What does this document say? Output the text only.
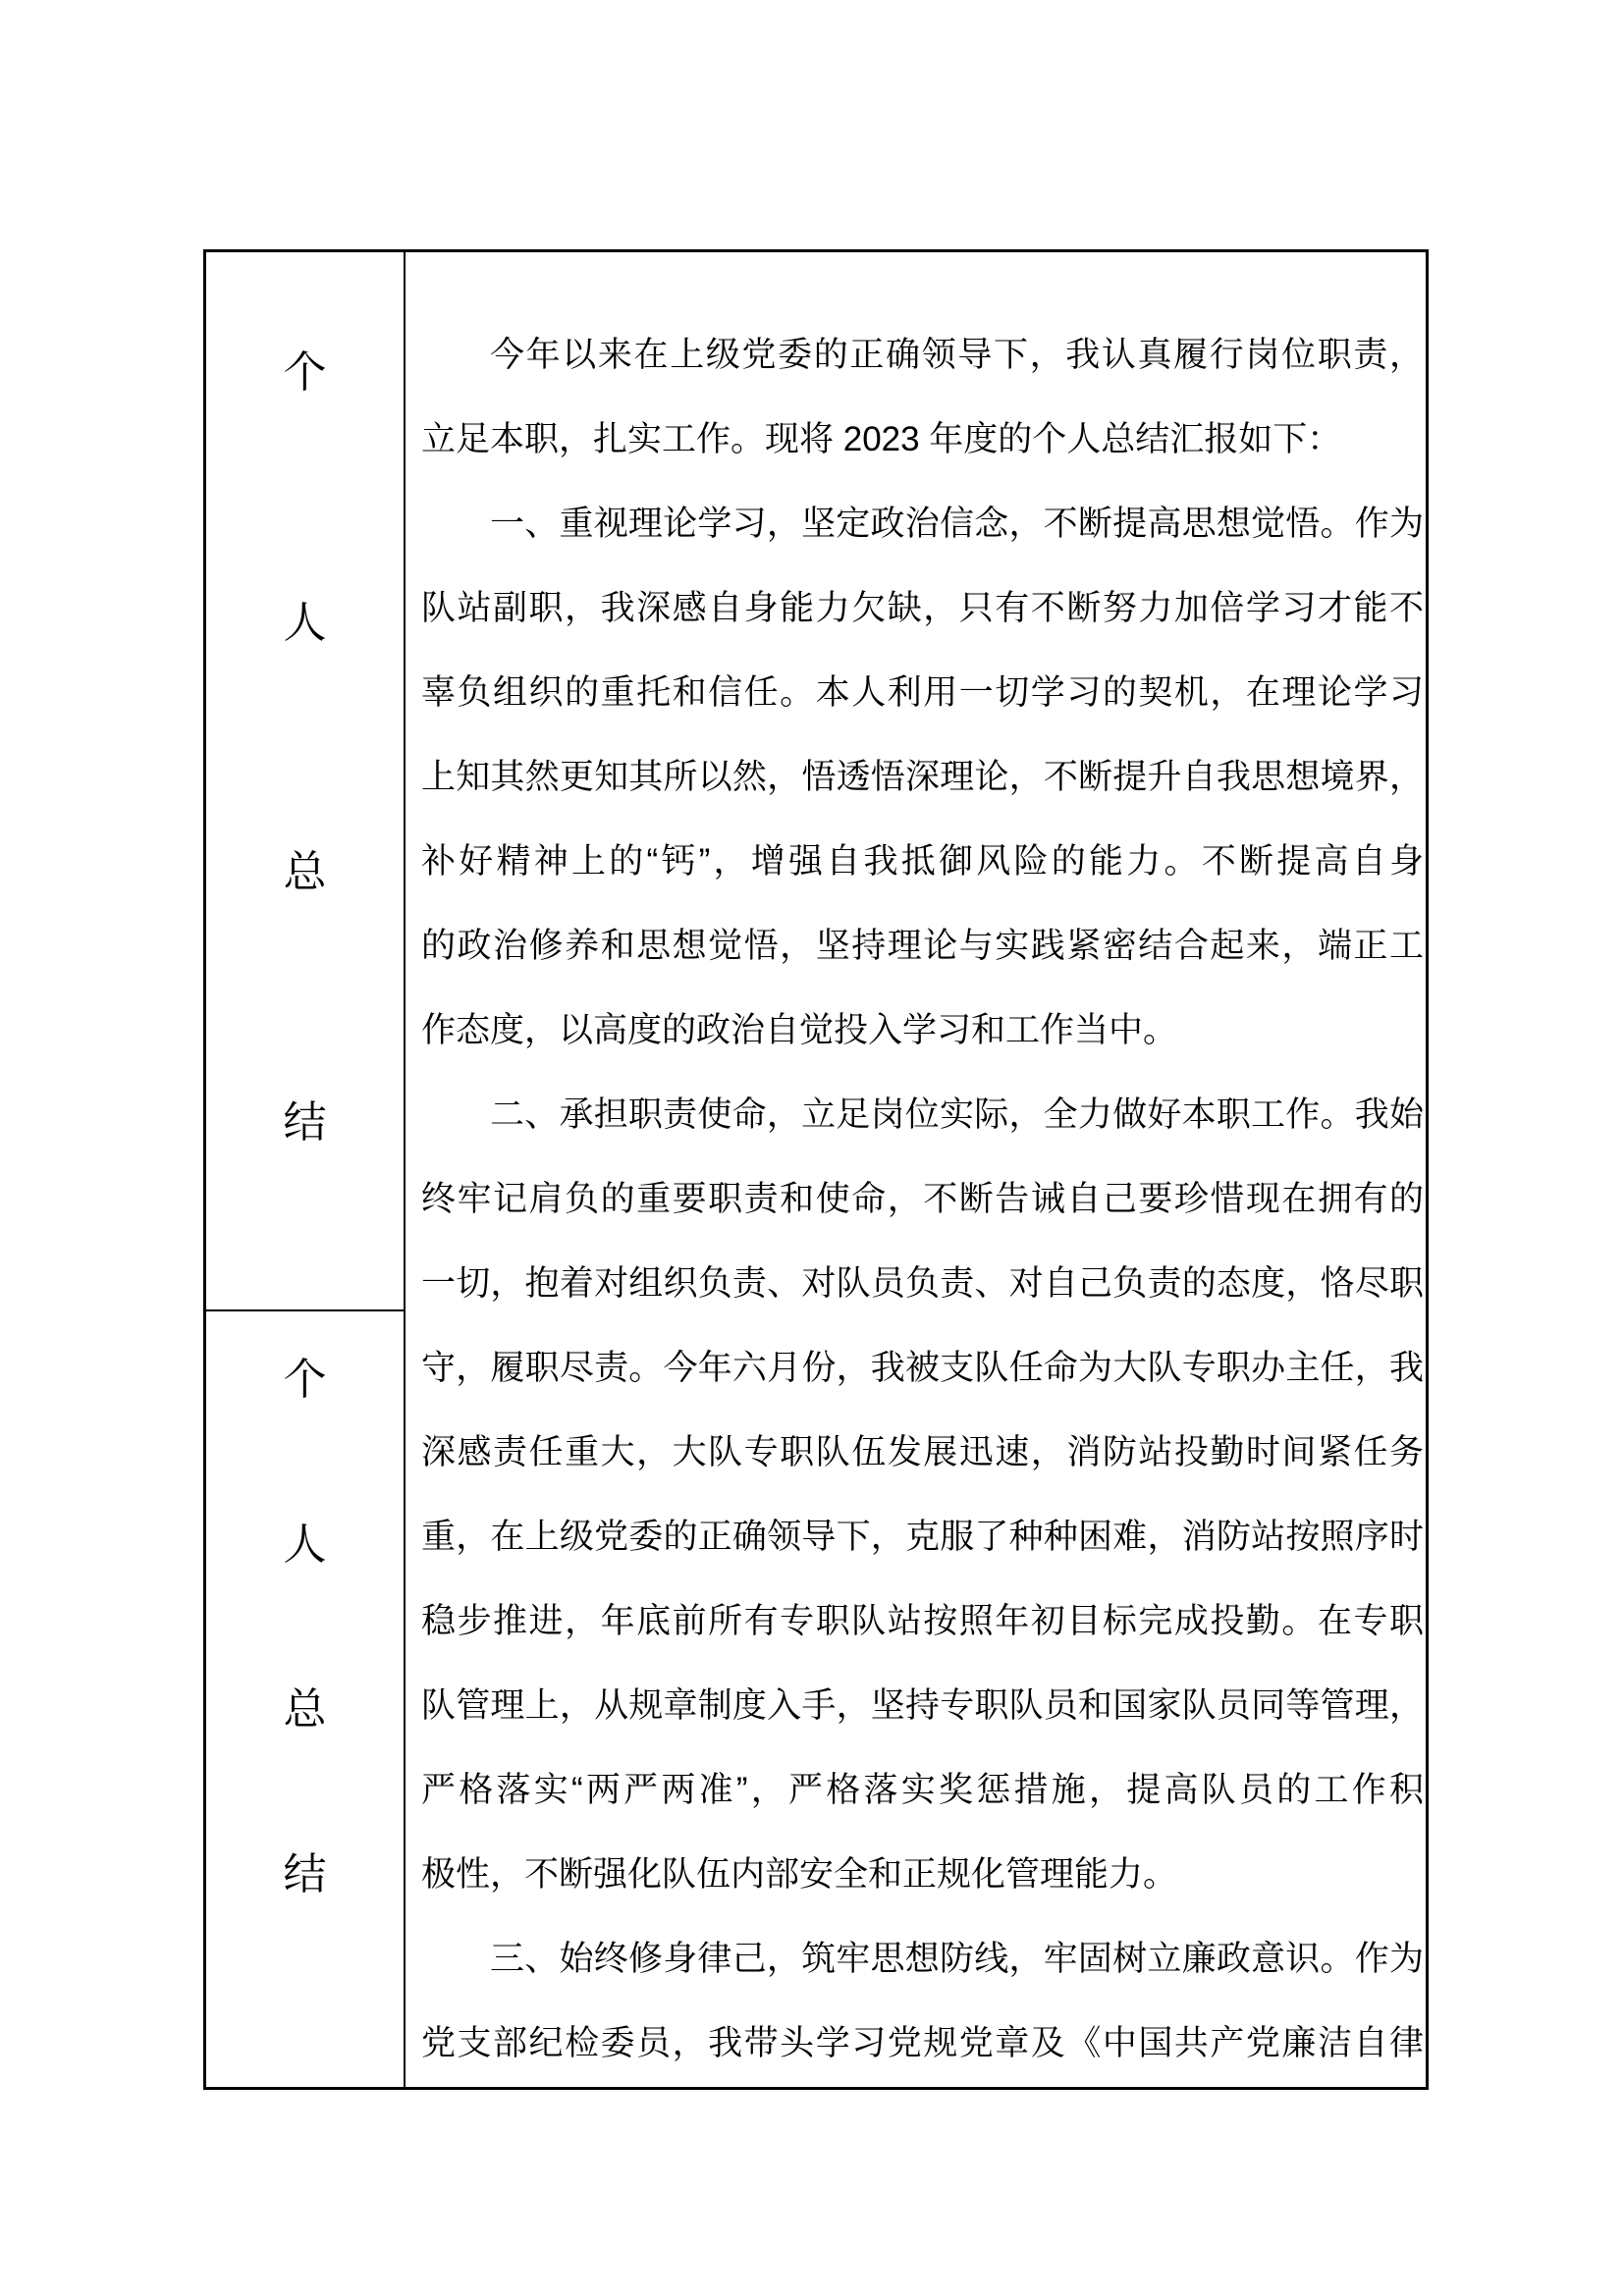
个
人
总
结
个
人
总
结
今年以来在上级党委的正确领导下，我认真履行岗位职责，
立足本职，扎实工作。现将 2023 年度的个人总结汇报如下：
一、重视理论学习，坚定政治信念，不断提高思想觉悟。作为
队站副职，我深感自身能力欠缺，只有不断努力加倍学习才能不
辜负组织的重托和信任。本人利用一切学习的契机，在理论学习
上知其然更知其所以然，悟透悟深理论，不断提升自我思想境界，
补好精神上的“钙”，增强自我抵御风险的能力。不断提高自身
的政治修养和思想觉悟，坚持理论与实践紧密结合起来，端正工
作态度，以高度的政治自觉投入学习和工作当中。
二、承担职责使命，立足岗位实际，全力做好本职工作。我始
终牢记肩负的重要职责和使命，不断告诫自己要珍惜现在拥有的
一切，抱着对组织负责、对队员负责、对自己负责的态度，恪尽职
守，履职尽责。今年六月份，我被支队任命为大队专职办主任，我
深感责任重大，大队专职队伍发展迅速，消防站投勤时间紧任务
重，在上级党委的正确领导下，克服了种种困难，消防站按照序时
稳步推进，年底前所有专职队站按照年初目标完成投勤。在专职
队管理上，从规章制度入手，坚持专职队员和国家队员同等管理，
严格落实“两严两准”，严格落实奖惩措施，提高队员的工作积
极性，不断强化队伍内部安全和正规化管理能力。
三、始终修身律己，筑牢思想防线，牢固树立廉政意识。作为
党支部纪检委员，我带头学习党规党章及《中国共产党廉洁自律
